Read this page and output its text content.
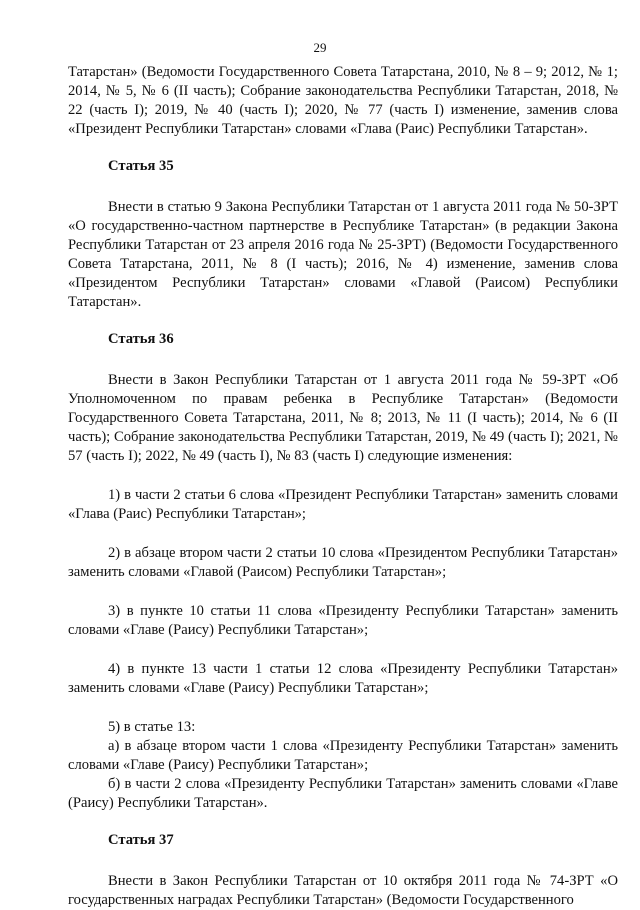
29

Татарстан» (Ведомости Государственного Совета Татарстана, 2010, № 8 – 9; 2012, № 1; 2014, № 5, № 6 (II часть); Собрание законодательства Республики Татарстан, 2018, № 22 (часть I); 2019, № 40 (часть I); 2020, № 77 (часть I) изменение, заменив слова «Президент Республики Татарстан» словами «Глава (Раис) Республики Татарстан».

Статья 35

Внести в статью 9 Закона Республики Татарстан от 1 августа 2011 года № 50-ЗРТ «О государственно-частном партнерстве в Республике Татарстан» (в редакции Закона Республики Татарстан от 23 апреля 2016 года № 25-ЗРТ) (Ведомости Государственного Совета Татарстана, 2011, № 8 (I часть); 2016, № 4) изменение, заменив слова «Президентом Республики Татарстан» словами «Главой (Раисом) Республики Татарстан».

Статья 36

Внести в Закон Республики Татарстан от 1 августа 2011 года № 59-ЗРТ «Об Уполномоченном по правам ребенка в Республике Татарстан» (Ведомости Государственного Совета Татарстана, 2011, № 8; 2013, № 11 (I часть); 2014, № 6 (II часть); Собрание законодательства Республики Татарстан, 2019, № 49 (часть I); 2021, № 57 (часть I); 2022, № 49 (часть I), № 83 (часть I) следующие изменения:

1) в части 2 статьи 6 слова «Президент Республики Татарстан» заменить словами «Глава (Раис) Республики Татарстан»;

2) в абзаце втором части 2 статьи 10 слова «Президентом Республики Татарстан» заменить словами «Главой (Раисом) Республики Татарстан»;

3) в пункте 10 статьи 11 слова «Президенту Республики Татарстан» заменить словами «Главе (Раису) Республики Татарстан»;

4) в пункте 13 части 1 статьи 12 слова «Президенту Республики Татарстан» заменить словами «Главе (Раису) Республики Татарстан»;

5) в статье 13:

а) в абзаце втором части 1 слова «Президенту Республики Татарстан» заменить словами «Главе (Раису) Республики Татарстан»;

б) в части 2 слова «Президенту Республики Татарстан» заменить словами «Главе (Раису) Республики Татарстан».

Статья 37

Внести в Закон Республики Татарстан от 10 октября 2011 года № 74-ЗРТ «О государственных наградах Республики Татарстан» (Ведомости Государственного
